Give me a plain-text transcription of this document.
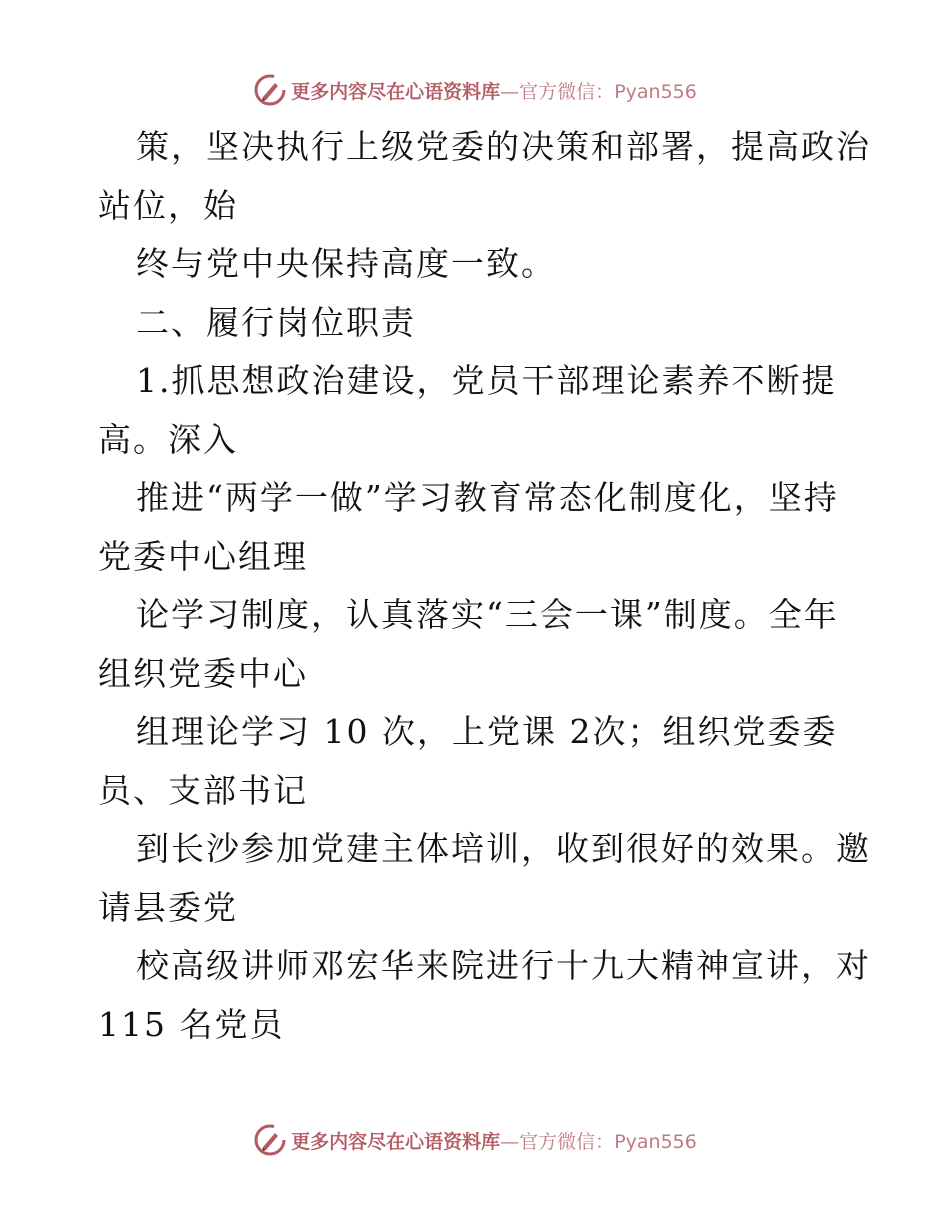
更多内容尽在心语资料库—官方微信：Pyan556
策，坚决执行上级党委的决策和部署，提高政治
站位，始
终与党中央保持高度一致。
二、履行岗位职责
1.抓思想政治建设，党员干部理论素养不断提
高。深入
推进“两学一做”学习教育常态化制度化，坚持
党委中心组理
论学习制度，认真落实“三会一课”制度。全年
组织党委中心
组理论学习 10 次，上党课 2次；组织党委委
员、支部书记
到长沙参加党建主体培训，收到很好的效果。邀
请县委党
校高级讲师邓宏华来院进行十九大精神宣讲，对
115 名党员
更多内容尽在心语资料库—官方微信：Pyan556
